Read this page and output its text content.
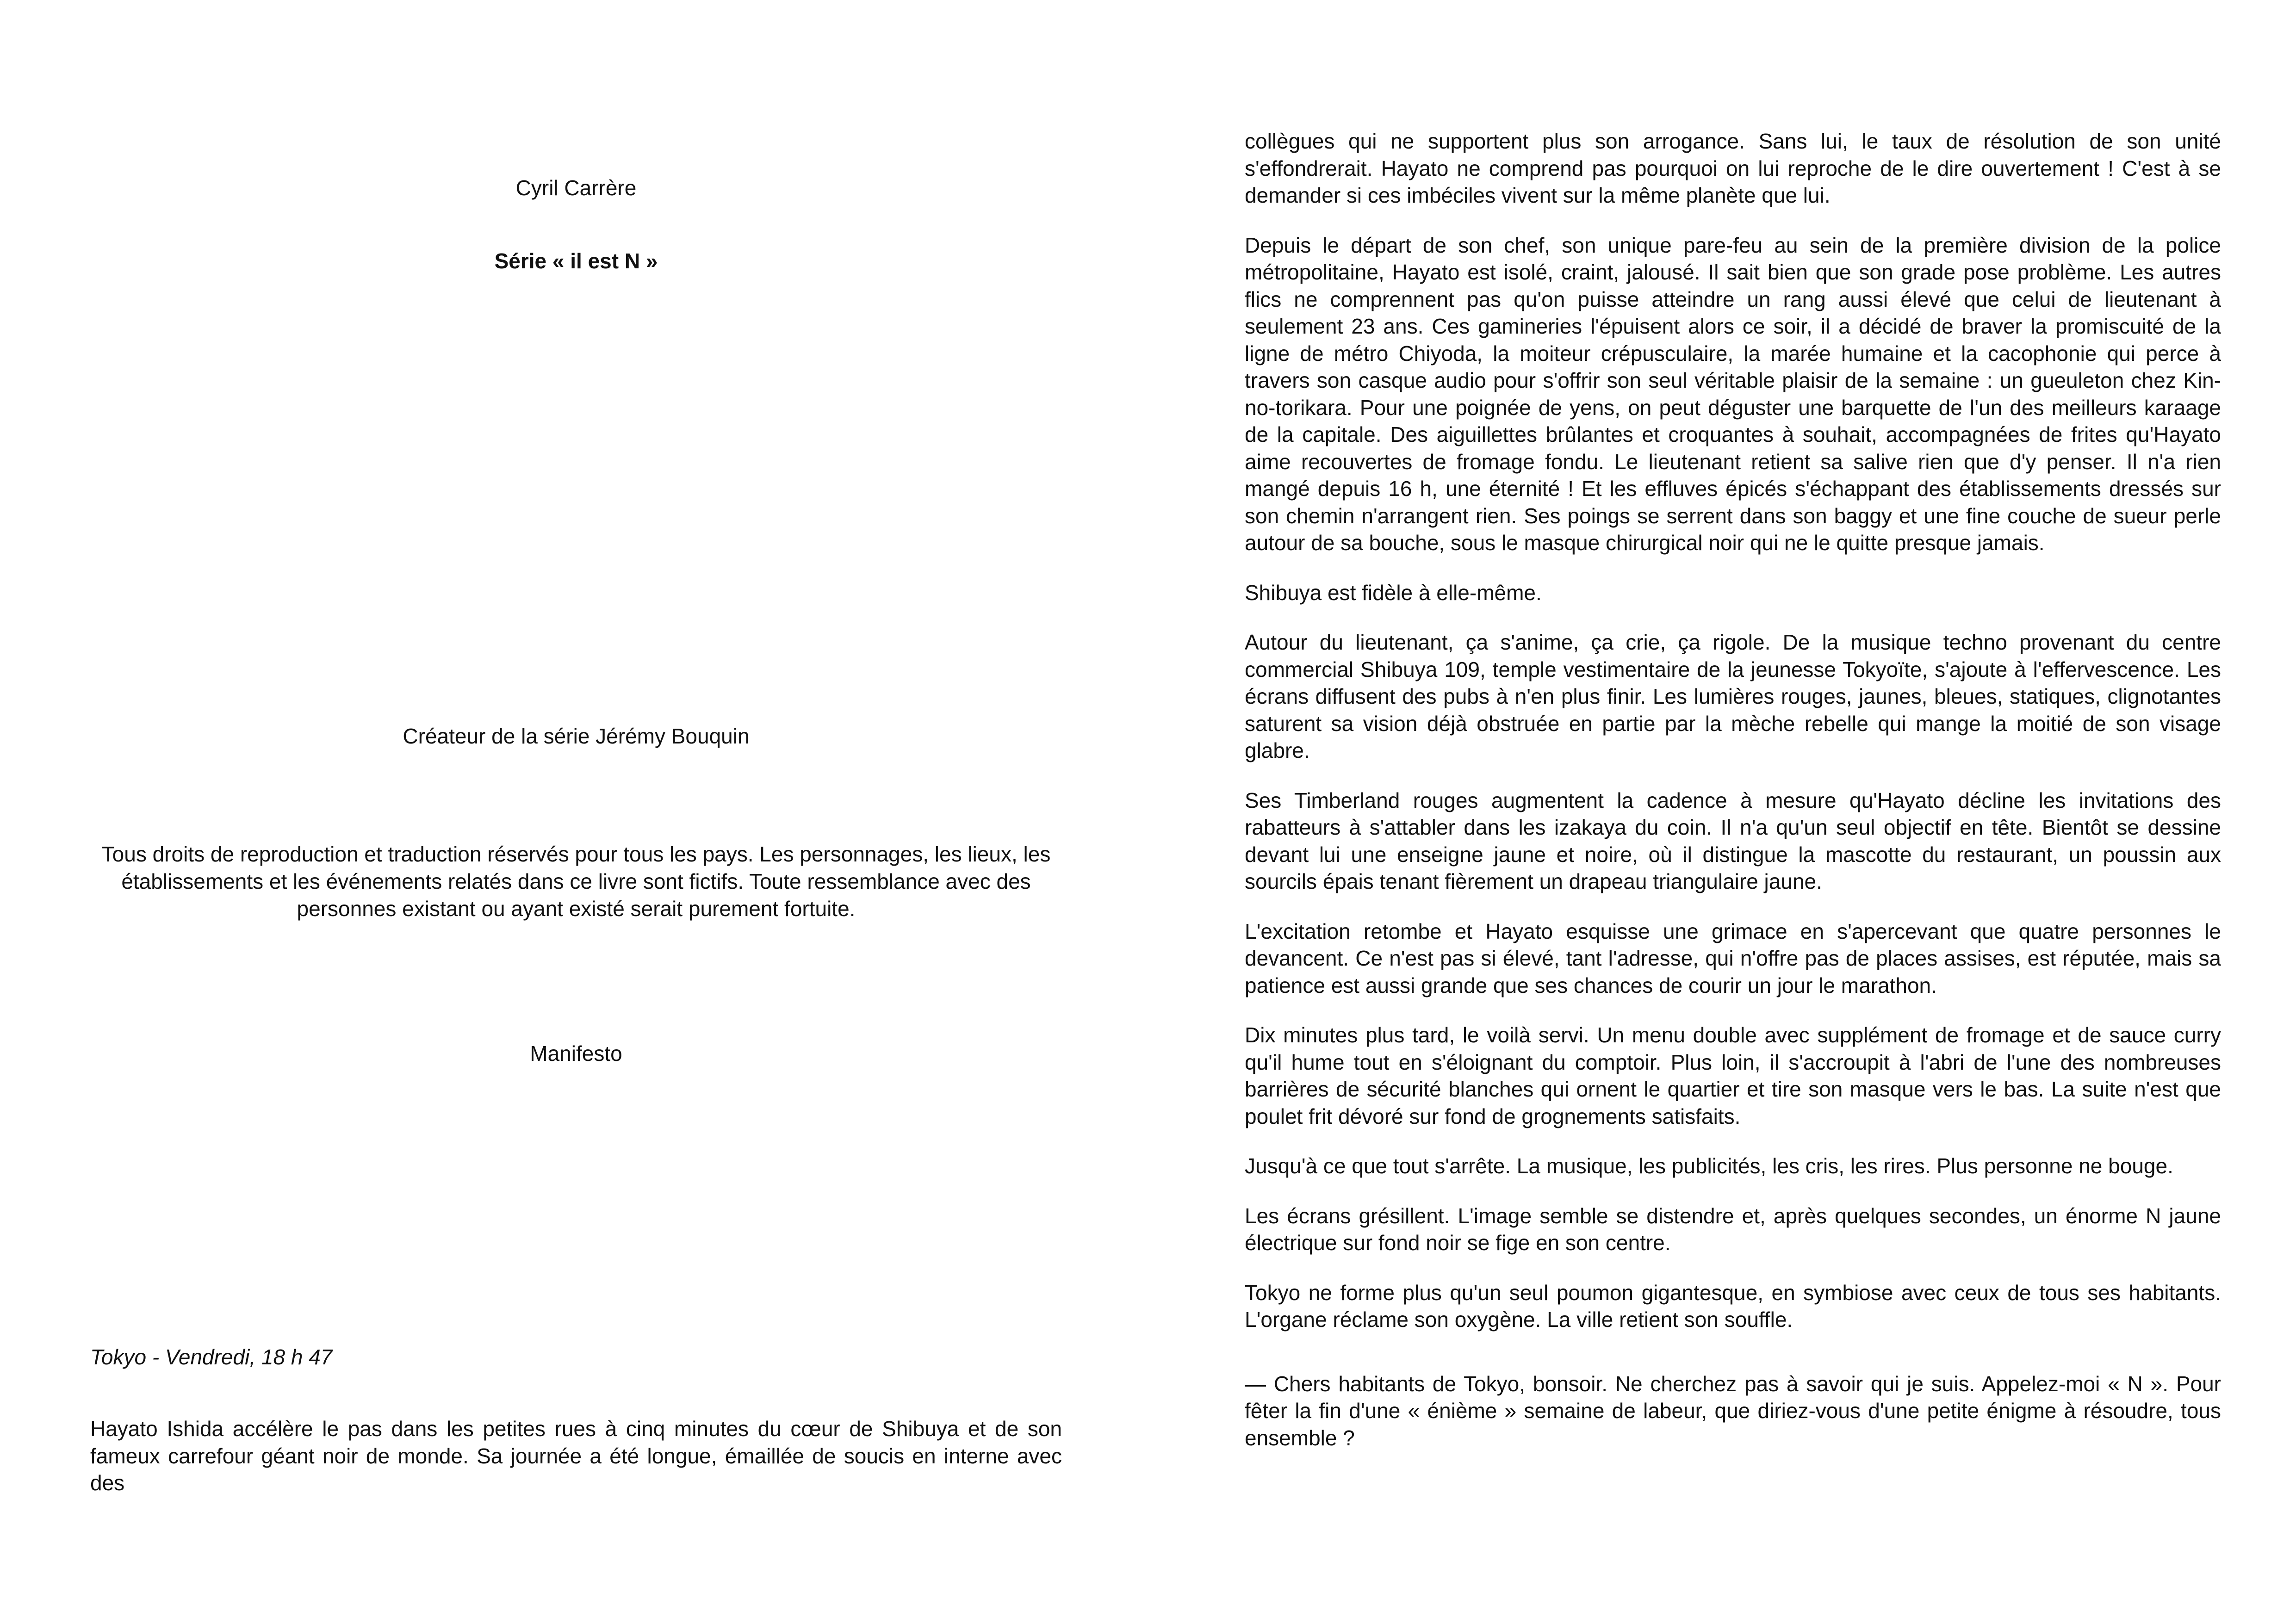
Cyril Carrère

Série « il est N »

Créateur de la série Jérémy Bouquin

Tous droits de reproduction et traduction réservés pour tous les pays. Les personnages, les lieux, les établissements et les événements relatés dans ce livre sont fictifs. Toute ressemblance avec des personnes existant ou ayant existé serait purement fortuite.

Manifesto

Tokyo - Vendredi, 18 h 47

Hayato Ishida accélère le pas dans les petites rues à cinq minutes du cœur de Shibuya et de son fameux carrefour géant noir de monde. Sa journée a été longue, émaillée de soucis en interne avec des

collègues qui ne supportent plus son arrogance. Sans lui, le taux de résolution de son unité s'effondrerait. Hayato ne comprend pas pourquoi on lui reproche de le dire ouvertement ! C'est à se demander si ces imbéciles vivent sur la même planète que lui.

Depuis le départ de son chef, son unique pare-feu au sein de la première division de la police métropolitaine, Hayato est isolé, craint, jalousé. Il sait bien que son grade pose problème. Les autres flics ne comprennent pas qu'on puisse atteindre un rang aussi élevé que celui de lieutenant à seulement 23 ans. Ces gamineries l'épuisent alors ce soir, il a décidé de braver la promiscuité de la ligne de métro Chiyoda, la moiteur crépusculaire, la marée humaine et la cacophonie qui perce à travers son casque audio pour s'offrir son seul véritable plaisir de la semaine : un gueuleton chez Kin-no-torikara. Pour une poignée de yens, on peut déguster une barquette de l'un des meilleurs karaage de la capitale. Des aiguillettes brûlantes et croquantes à souhait, accompagnées de frites qu'Hayato aime recouvertes de fromage fondu. Le lieutenant retient sa salive rien que d'y penser. Il n'a rien mangé depuis 16 h, une éternité ! Et les effluves épicés s'échappant des établissements dressés sur son chemin n'arrangent rien. Ses poings se serrent dans son baggy et une fine couche de sueur perle autour de sa bouche, sous le masque chirurgical noir qui ne le quitte presque jamais.

Shibuya est fidèle à elle-même.

Autour du lieutenant, ça s'anime, ça crie, ça rigole. De la musique techno provenant du centre commercial Shibuya 109, temple vestimentaire de la jeunesse Tokyoïte, s'ajoute à l'effervescence. Les écrans diffusent des pubs à n'en plus finir. Les lumières rouges, jaunes, bleues, statiques, clignotantes saturent sa vision déjà obstruée en partie par la mèche rebelle qui mange la moitié de son visage glabre.

Ses Timberland rouges augmentent la cadence à mesure qu'Hayato décline les invitations des rabatteurs à s'attabler dans les izakaya du coin. Il n'a qu'un seul objectif en tête. Bientôt se dessine devant lui une enseigne jaune et noire, où il distingue la mascotte du restaurant, un poussin aux sourcils épais tenant fièrement un drapeau triangulaire jaune.

L'excitation retombe et Hayato esquisse une grimace en s'apercevant que quatre personnes le devancent. Ce n'est pas si élevé, tant l'adresse, qui n'offre pas de places assises, est réputée, mais sa patience est aussi grande que ses chances de courir un jour le marathon.

Dix minutes plus tard, le voilà servi. Un menu double avec supplément de fromage et de sauce curry qu'il hume tout en s'éloignant du comptoir. Plus loin, il s'accroupit à l'abri de l'une des nombreuses barrières de sécurité blanches qui ornent le quartier et tire son masque vers le bas. La suite n'est que poulet frit dévoré sur fond de grognements satisfaits.

Jusqu'à ce que tout s'arrête. La musique, les publicités, les cris, les rires. Plus personne ne bouge.

Les écrans grésillent. L'image semble se distendre et, après quelques secondes, un énorme N jaune électrique sur fond noir se fige en son centre.

Tokyo ne forme plus qu'un seul poumon gigantesque, en symbiose avec ceux de tous ses habitants. L'organe réclame son oxygène. La ville retient son souffle.

— Chers habitants de Tokyo, bonsoir. Ne cherchez pas à savoir qui je suis. Appelez-moi « N ». Pour fêter la fin d'une « énième » semaine de labeur, que diriez-vous d'une petite énigme à résoudre, tous ensemble ?
